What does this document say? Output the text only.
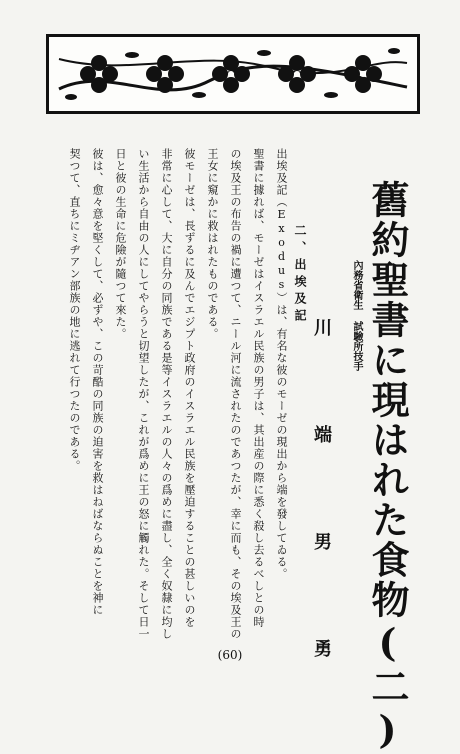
舊約聖書に現はれた食物(二)
內務省衛生 試驗所技手
川 端 男 勇
二、出埃及記
出埃及記（Exodus）は、有名な彼のモーゼの現出から端を發してゐる。
聖書に據れば、モーゼはイスラエル民族の男子は、其出産の際に悉く殺し去るべしとの時
の埃及王の布告の禍に遭つて、ニール河に流されたのであつたが、幸に而も、その埃及王の
王女に窺かに救はれたものである。
彼モーゼは、長ずるに及んでエジプト政府のイスラエル民族を壓迫することの甚しいのを
非常に心して、大に自分の同族である是等イスラエルの人々の爲めに盡し、全く奴隸に均し
い生活から自由の人にしてやらうと切望したが、これが爲めに王の怒に觸れた。そして日一
日と彼の生命に危險が隨つて來た。
彼は、愈々意を堅くして、必ずや、この苛酷の同族の迫害を救はねばならぬことを神に
契つて、直ちにミヂアン部族の地に逃れて行つたのである。
(60)
